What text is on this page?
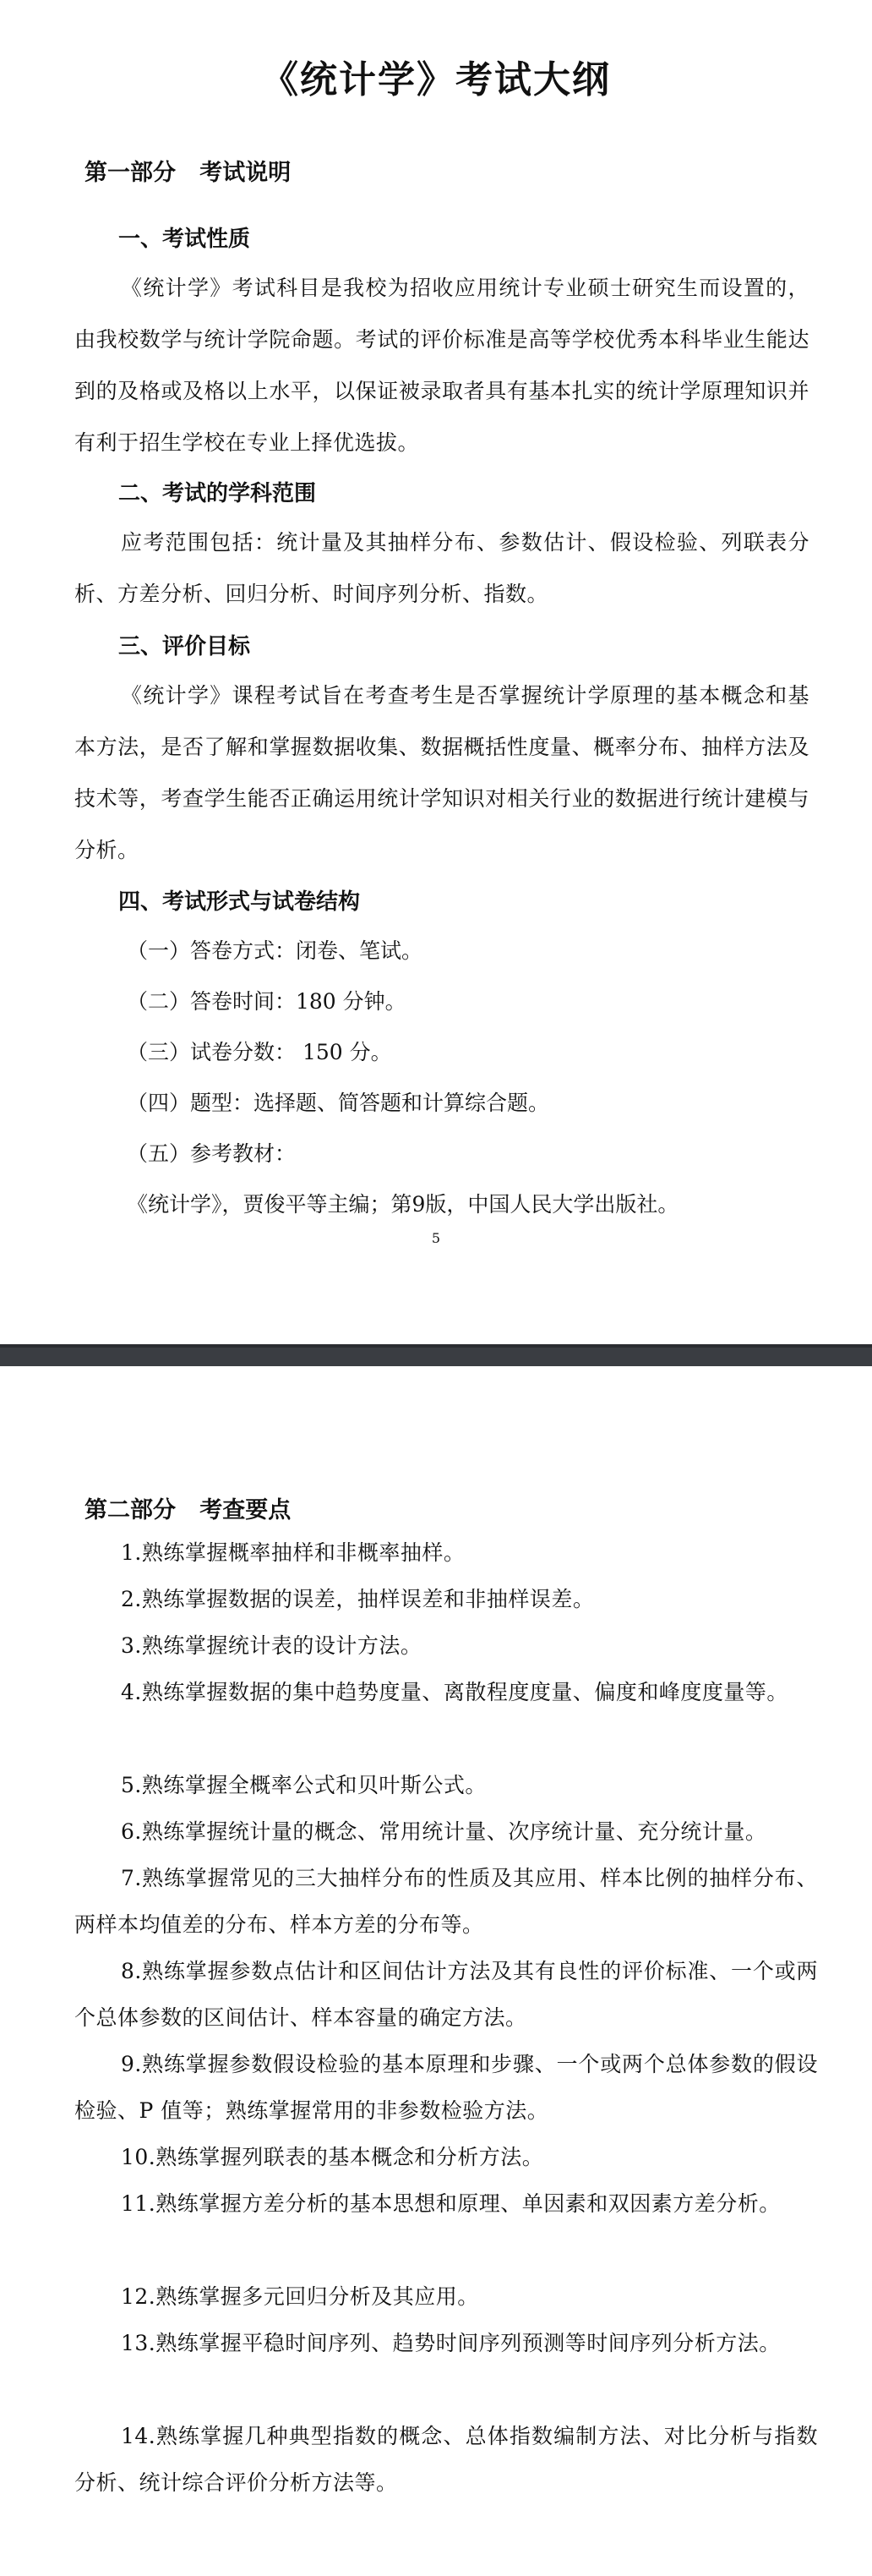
《统计学》考试大纲
第一部分   考试说明
一、考试性质
《统计学》考试科目是我校为招收应用统计专业硕士研究生而设置的，由我校数学与统计学院命题。考试的评价标准是高等学校优秀本科毕业生能达到的及格或及格以上水平，以保证被录取者具有基本扎实的统计学原理知识并有利于招生学校在专业上择优选拔。
二、考试的学科范围
应考范围包括：统计量及其抽样分布、参数估计、假设检验、列联表分析、方差分析、回归分析、时间序列分析、指数。
三、评价目标
《统计学》课程考试旨在考查考生是否掌握统计学原理的基本概念和基本方法，是否了解和掌握数据收集、数据概括性度量、概率分布、抽样方法及技术等，考查学生能否正确运用统计学知识对相关行业的数据进行统计建模与分析。
四、考试形式与试卷结构
（一）答卷方式：闭卷、笔试。
（二）答卷时间：180 分钟。
（三）试卷分数： 150 分。
（四）题型：选择题、简答题和计算综合题。
（五）参考教材：
《统计学》，贾俊平等主编；第9版，中国人民大学出版社。
5
第二部分   考查要点
1.熟练掌握概率抽样和非概率抽样。
2.熟练掌握数据的误差，抽样误差和非抽样误差。
3.熟练掌握统计表的设计方法。
4.熟练掌握数据的集中趋势度量、离散程度度量、偏度和峰度度量等。
5.熟练掌握全概率公式和贝叶斯公式。
6.熟练掌握统计量的概念、常用统计量、次序统计量、充分统计量。
7.熟练掌握常见的三大抽样分布的性质及其应用、样本比例的抽样分布、两样本均值差的分布、样本方差的分布等。
8.熟练掌握参数点估计和区间估计方法及其有良性的评价标准、一个或两个总体参数的区间估计、样本容量的确定方法。
9.熟练掌握参数假设检验的基本原理和步骤、一个或两个总体参数的假设检验、P 值等；熟练掌握常用的非参数检验方法。
10.熟练掌握列联表的基本概念和分析方法。
11.熟练掌握方差分析的基本思想和原理、单因素和双因素方差分析。
12.熟练掌握多元回归分析及其应用。
13.熟练掌握平稳时间序列、趋势时间序列预测等时间序列分析方法。
14.熟练掌握几种典型指数的概念、总体指数编制方法、对比分析与指数分析、统计综合评价分析方法等。
